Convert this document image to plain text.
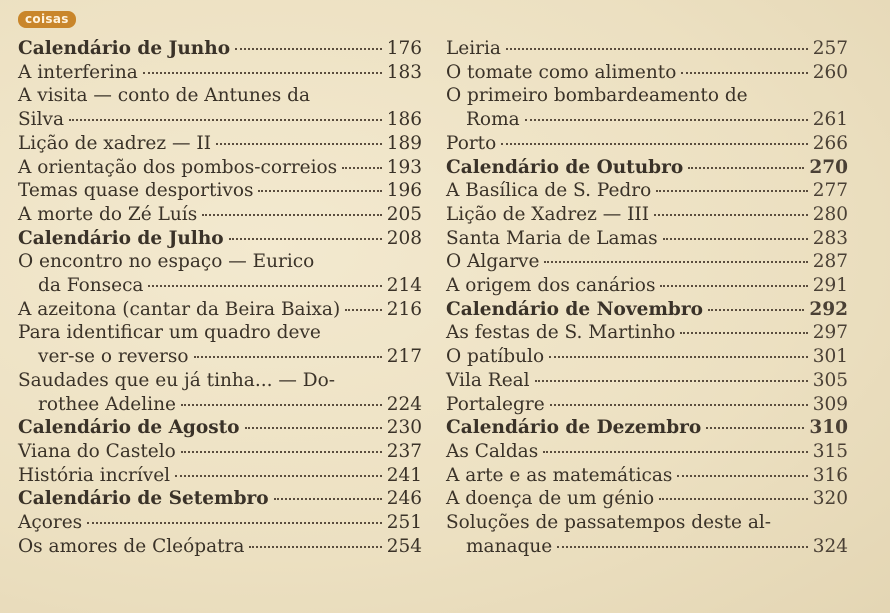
coisas
Calendário de Junho	176
A interferina	183
A visita — conto de Antunes da
Silva	186
Lição de xadrez — II	189
A orientação dos pombos-correios	193
Temas quase desportivos	196
A morte do Zé Luís	205
Calendário de Julho	208
O encontro no espaço — Eurico
da Fonseca	214
A azeitona (cantar da Beira Baixa)	216
Para identificar um quadro deve
ver-se o reverso	217
Saudades que eu já tinha... — Do-
rothee Adeline	224
Calendário de Agosto	230
Viana do Castelo	237
História incrível	241
Calendário de Setembro	246
Açores	251
Os amores de Cleópatra	254
Leiria	257
O tomate como alimento	260
O primeiro bombardeamento de
Roma	261
Porto	266
Calendário de Outubro	270
A Basílica de S. Pedro	277
Lição de Xadrez — III	280
Santa Maria de Lamas	283
O Algarve	287
A origem dos canários	291
Calendário de Novembro	292
As festas de S. Martinho	297
O patíbulo	301
Vila Real	305
Portalegre	309
Calendário de Dezembro	310
As Caldas	315
A arte e as matemáticas	316
A doença de um génio	320
Soluções de passatempos deste al-
manaque	324
